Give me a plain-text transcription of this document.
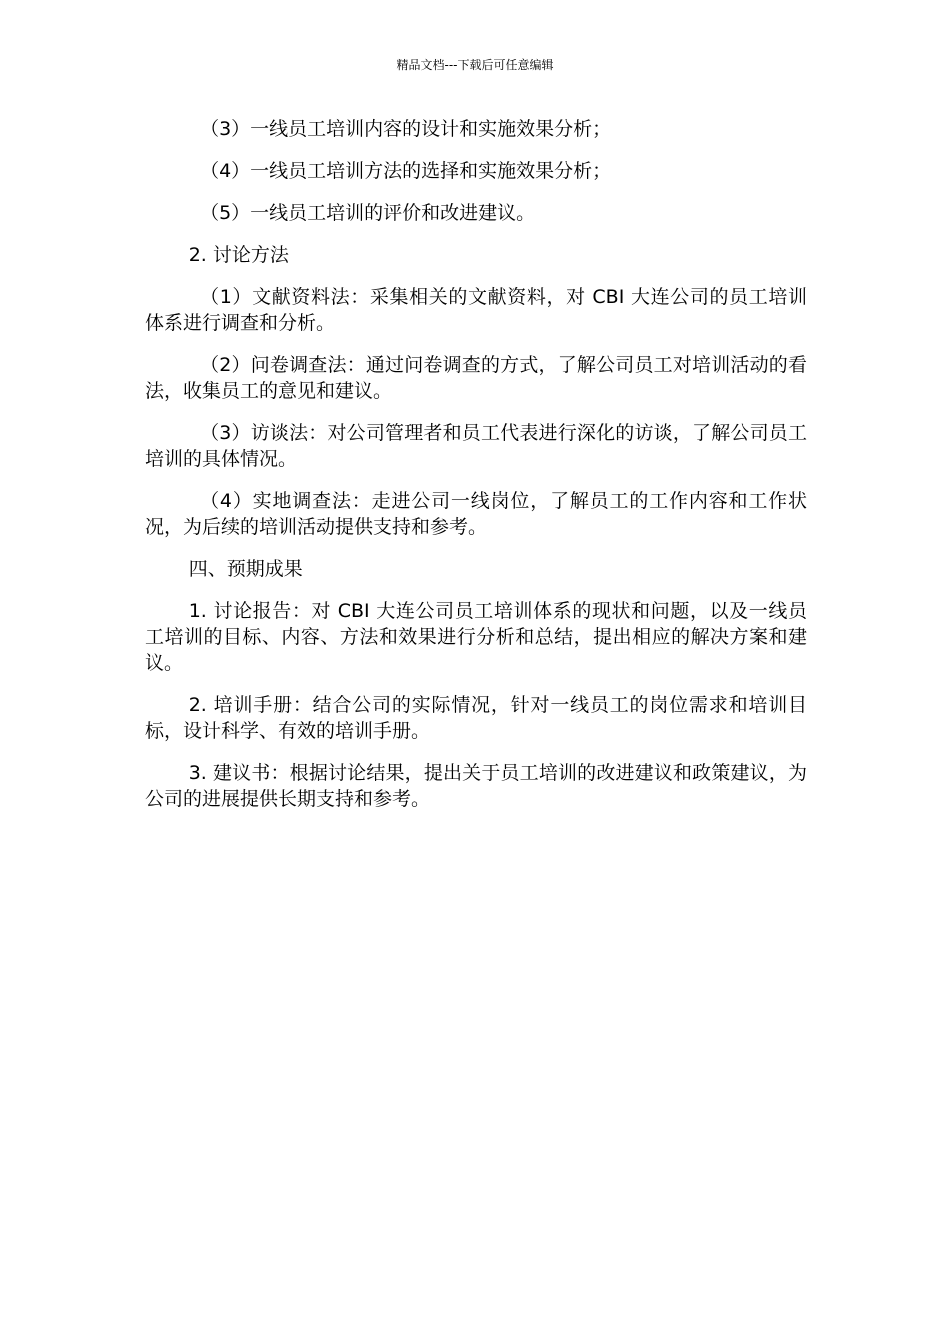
精品文档---下载后可任意编辑

（3）一线员工培训内容的设计和实施效果分析；

（4）一线员工培训方法的选择和实施效果分析；

（5）一线员工培训的评价和改进建议。

2. 讨论方法

（1）文献资料法：采集相关的文献资料，对 CBI 大连公司的员工培训体系进行调查和分析。

（2）问卷调查法：通过问卷调查的方式，了解公司员工对培训活动的看法，收集员工的意见和建议。

（3）访谈法：对公司管理者和员工代表进行深化的访谈，了解公司员工培训的具体情况。

（4）实地调查法：走进公司一线岗位，了解员工的工作内容和工作状况，为后续的培训活动提供支持和参考。

四、预期成果

1. 讨论报告：对 CBI 大连公司员工培训体系的现状和问题，以及一线员工培训的目标、内容、方法和效果进行分析和总结，提出相应的解决方案和建议。

2. 培训手册：结合公司的实际情况，针对一线员工的岗位需求和培训目标，设计科学、有效的培训手册。

3. 建议书：根据讨论结果，提出关于员工培训的改进建议和政策建议，为公司的进展提供长期支持和参考。
